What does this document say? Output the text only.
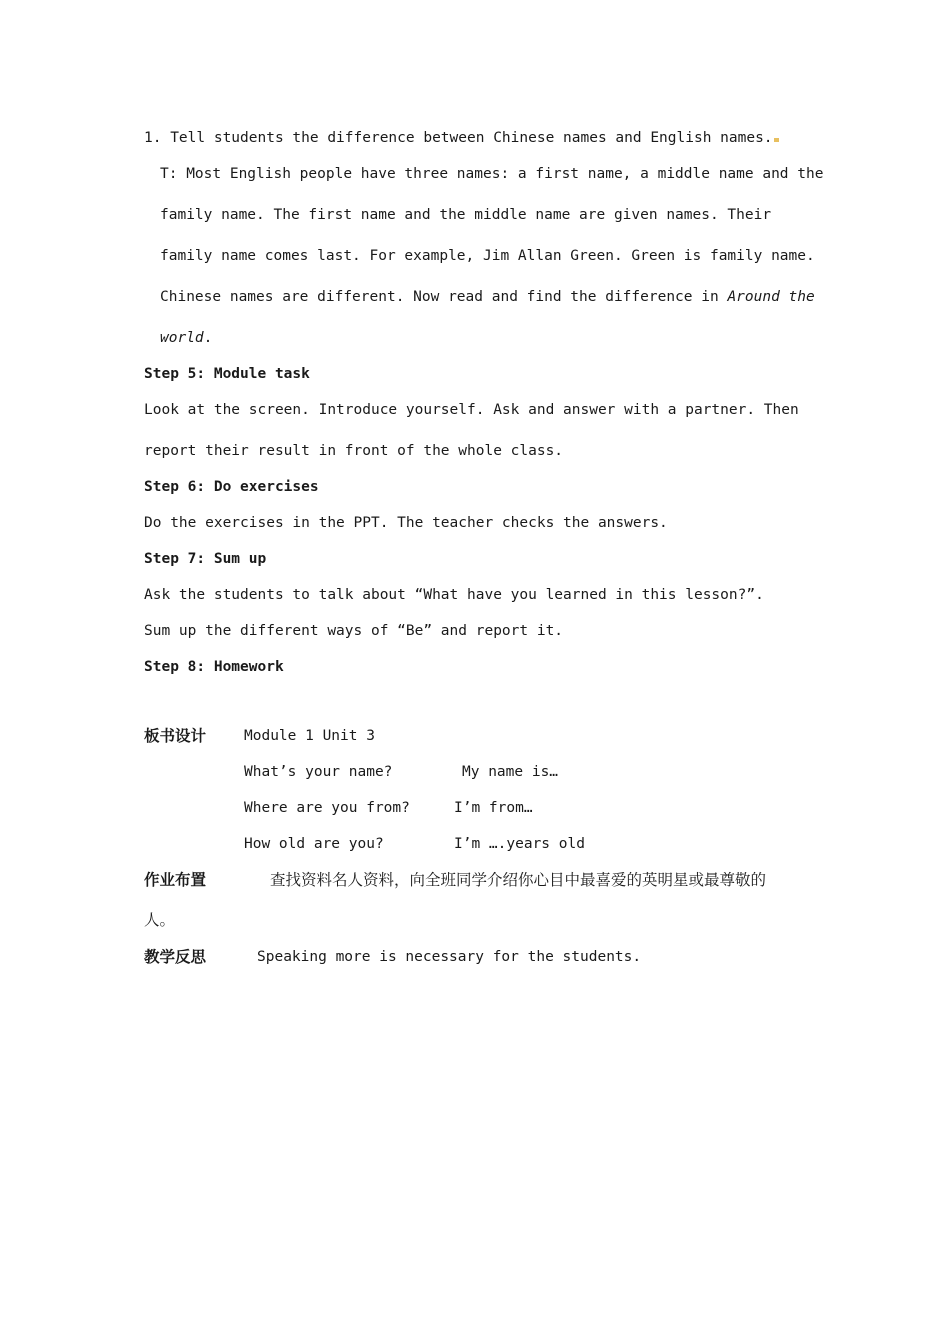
1. Tell students the difference between Chinese names and English names.
T: Most English people have three names: a first name, a middle name and the
family name. The first name and the middle name are given names. Their
family name comes last. For example, Jim Allan Green. Green is family name.
Chinese names are different. Now read and find the difference in Around the
world.
Step 5: Module task
Look at the screen. Introduce yourself. Ask and answer with a partner. Then
report their result in front of the whole class.
Step 6: Do exercises
Do the exercises in the PPT. The teacher checks the answers.
Step 7: Sum up
Ask the students to talk about “What have you learned in this lesson?”.
Sum up the different ways of “Be” and report it.
Step 8: Homework
板书设计	Module 1 Unit 3
What’s your name?	My name is…
Where are you from?	I’m from…
How old are you?	I’m ….years old
作业布置	查找资料名人资料，向全班同学介绍你心目中最喜爱的英明星或最尊敬的
人。
教学反思	Speaking more is necessary for the students.
